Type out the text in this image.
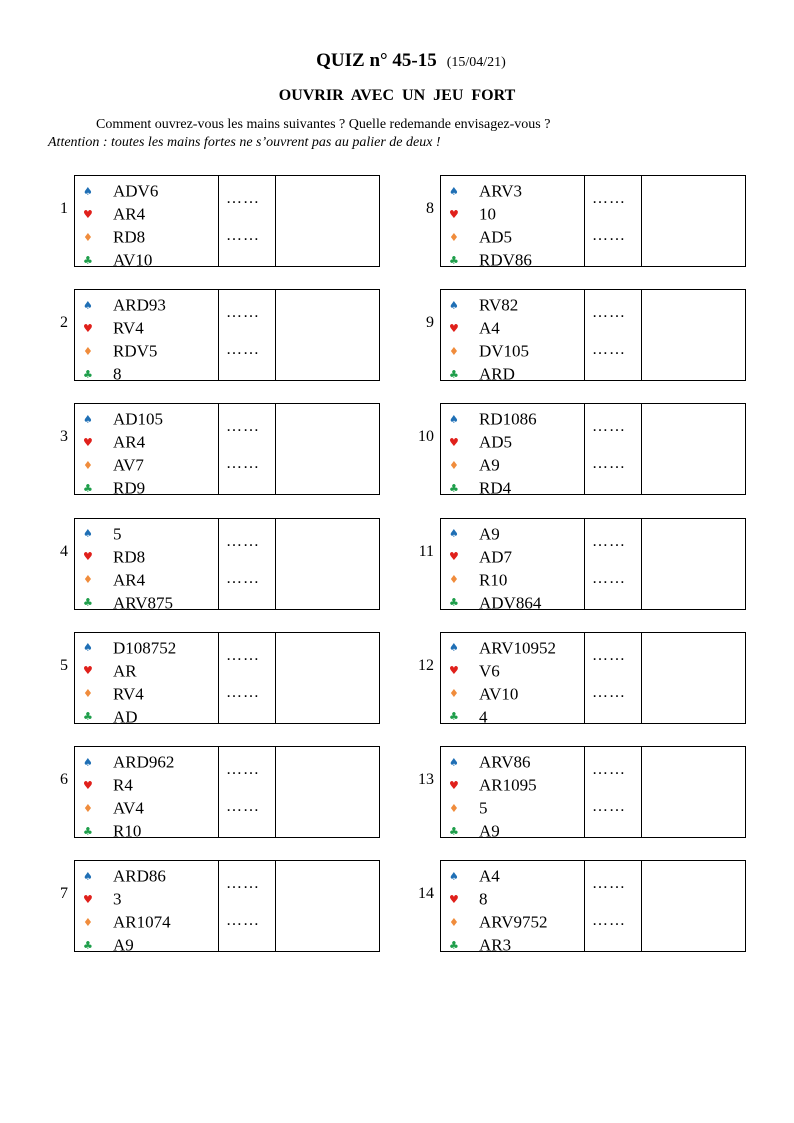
QUIZ n° 45-15 (15/04/21)
OUVRIR AVEC UN JEU FORT
Comment ouvrez-vous les mains suivantes ? Quelle redemande envisagez-vous ?
Attention : toutes les mains fortes ne s’ouvrent pas au palier de deux !
1
♠ ADV6
♥ AR4
♦ RD8
♣ AV10
……
……
2
♠ ARD93
♥ RV4
♦ RDV5
♣ 8
……
……
3
♠ AD105
♥ AR4
♦ AV7
♣ RD9
……
……
4
♠ 5
♥ RD8
♦ AR4
♣ ARV875
……
……
5
♠ D108752
♥ AR
♦ RV4
♣ AD
……
……
6
♠ ARD962
♥ R4
♦ AV4
♣ R10
……
……
7
♠ ARD86
♥ 3
♦ AR1074
♣ A9
……
……
8
♠ ARV3
♥ 10
♦ AD5
♣ RDV86
……
……
9
♠ RV82
♥ A4
♦ DV105
♣ ARD
……
……
10
♠ RD1086
♥ AD5
♦ A9
♣ RD4
……
……
11
♠ A9
♥ AD7
♦ R10
♣ ADV864
……
……
12
♠ ARV10952
♥ V6
♦ AV10
♣ 4
……
……
13
♠ ARV86
♥ AR1095
♦ 5
♣ A9
……
……
14
♠ A4
♥ 8
♦ ARV9752
♣ AR3
……
……
